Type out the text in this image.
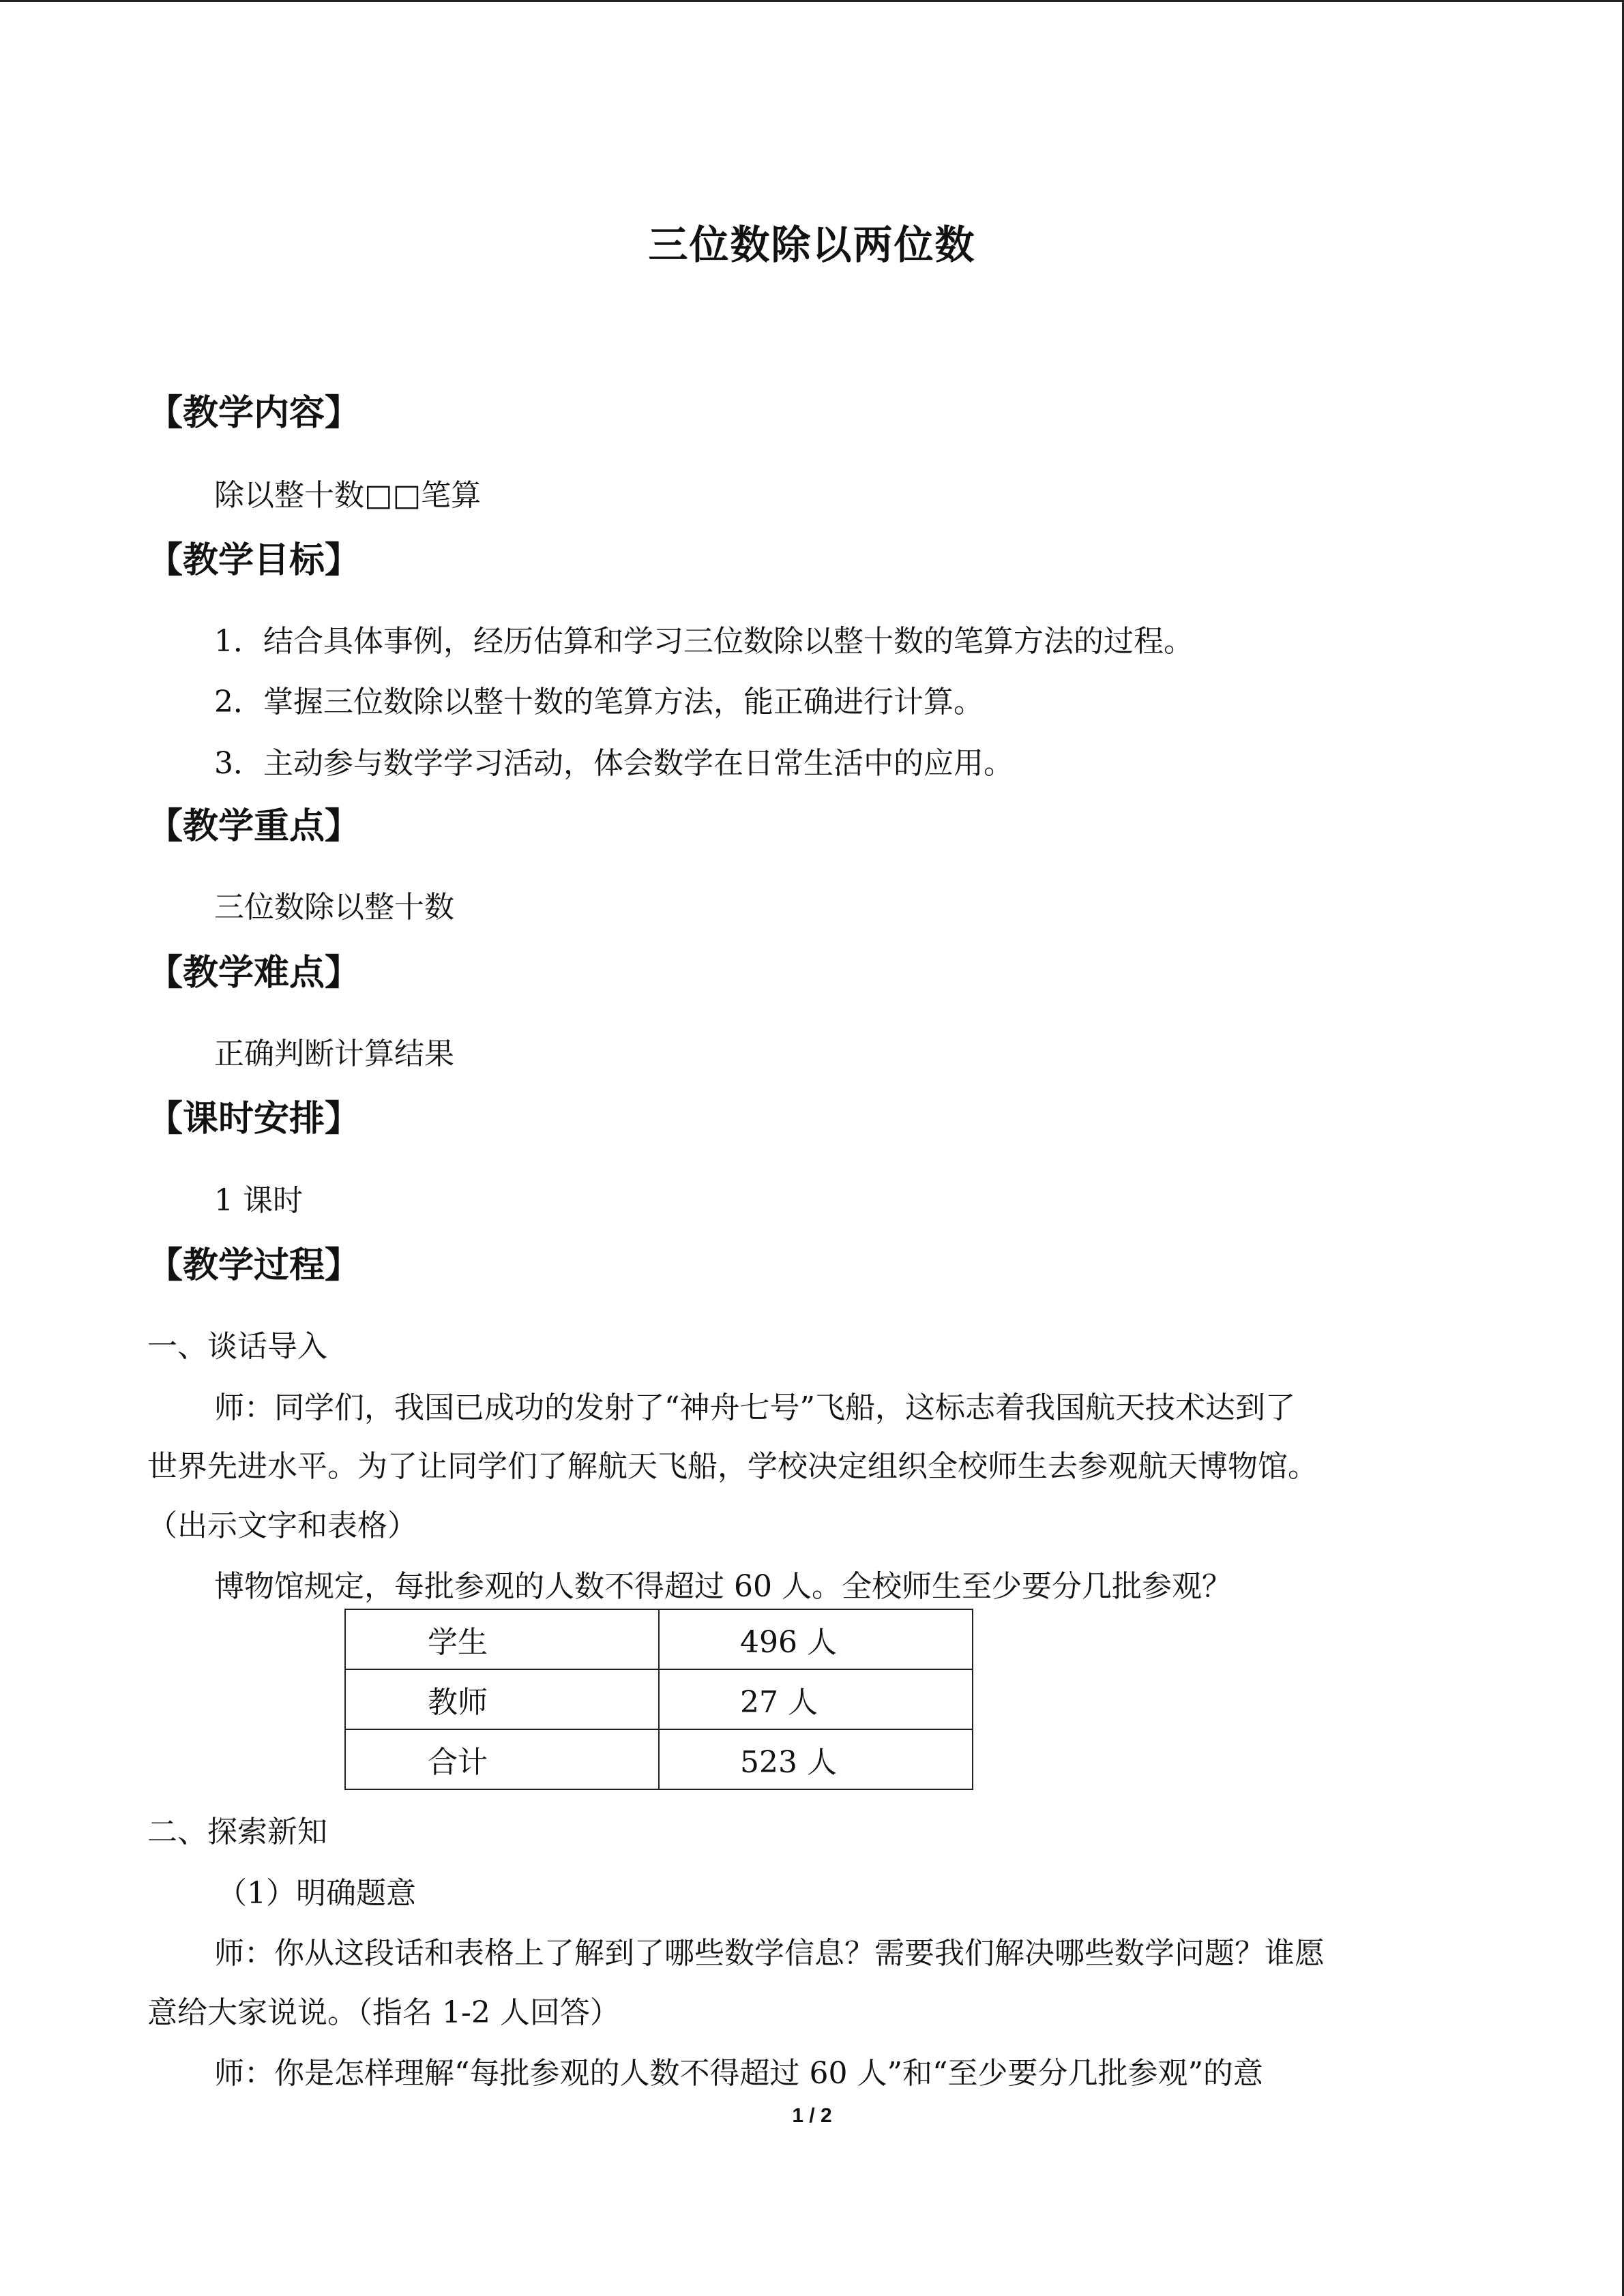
三位数除以两位数
【教学内容】
除以整十数□□笔算
【教学目标】
1．结合具体事例，经历估算和学习三位数除以整十数的笔算方法的过程。
2．掌握三位数除以整十数的笔算方法，能正确进行计算。
3．主动参与数学学习活动，体会数学在日常生活中的应用。
【教学重点】
三位数除以整十数
【教学难点】
正确判断计算结果
【课时安排】
1 课时
【教学过程】
一、谈话导入
师：同学们，我国已成功的发射了“神舟七号”飞船，这标志着我国航天技术达到了
世界先进水平。为了让同学们了解航天飞船，学校决定组织全校师生去参观航天博物馆。
（出示文字和表格）
博物馆规定，每批参观的人数不得超过 60 人。全校师生至少要分几批参观？
学生	496 人
教师	27 人
合计	523 人
二、探索新知
（1）明确题意
师：你从这段话和表格上了解到了哪些数学信息？需要我们解决哪些数学问题？谁愿
意给大家说说。（指名 1-2 人回答）
师：你是怎样理解“每批参观的人数不得超过 60 人”和“至少要分几批参观”的意
1 / 2
